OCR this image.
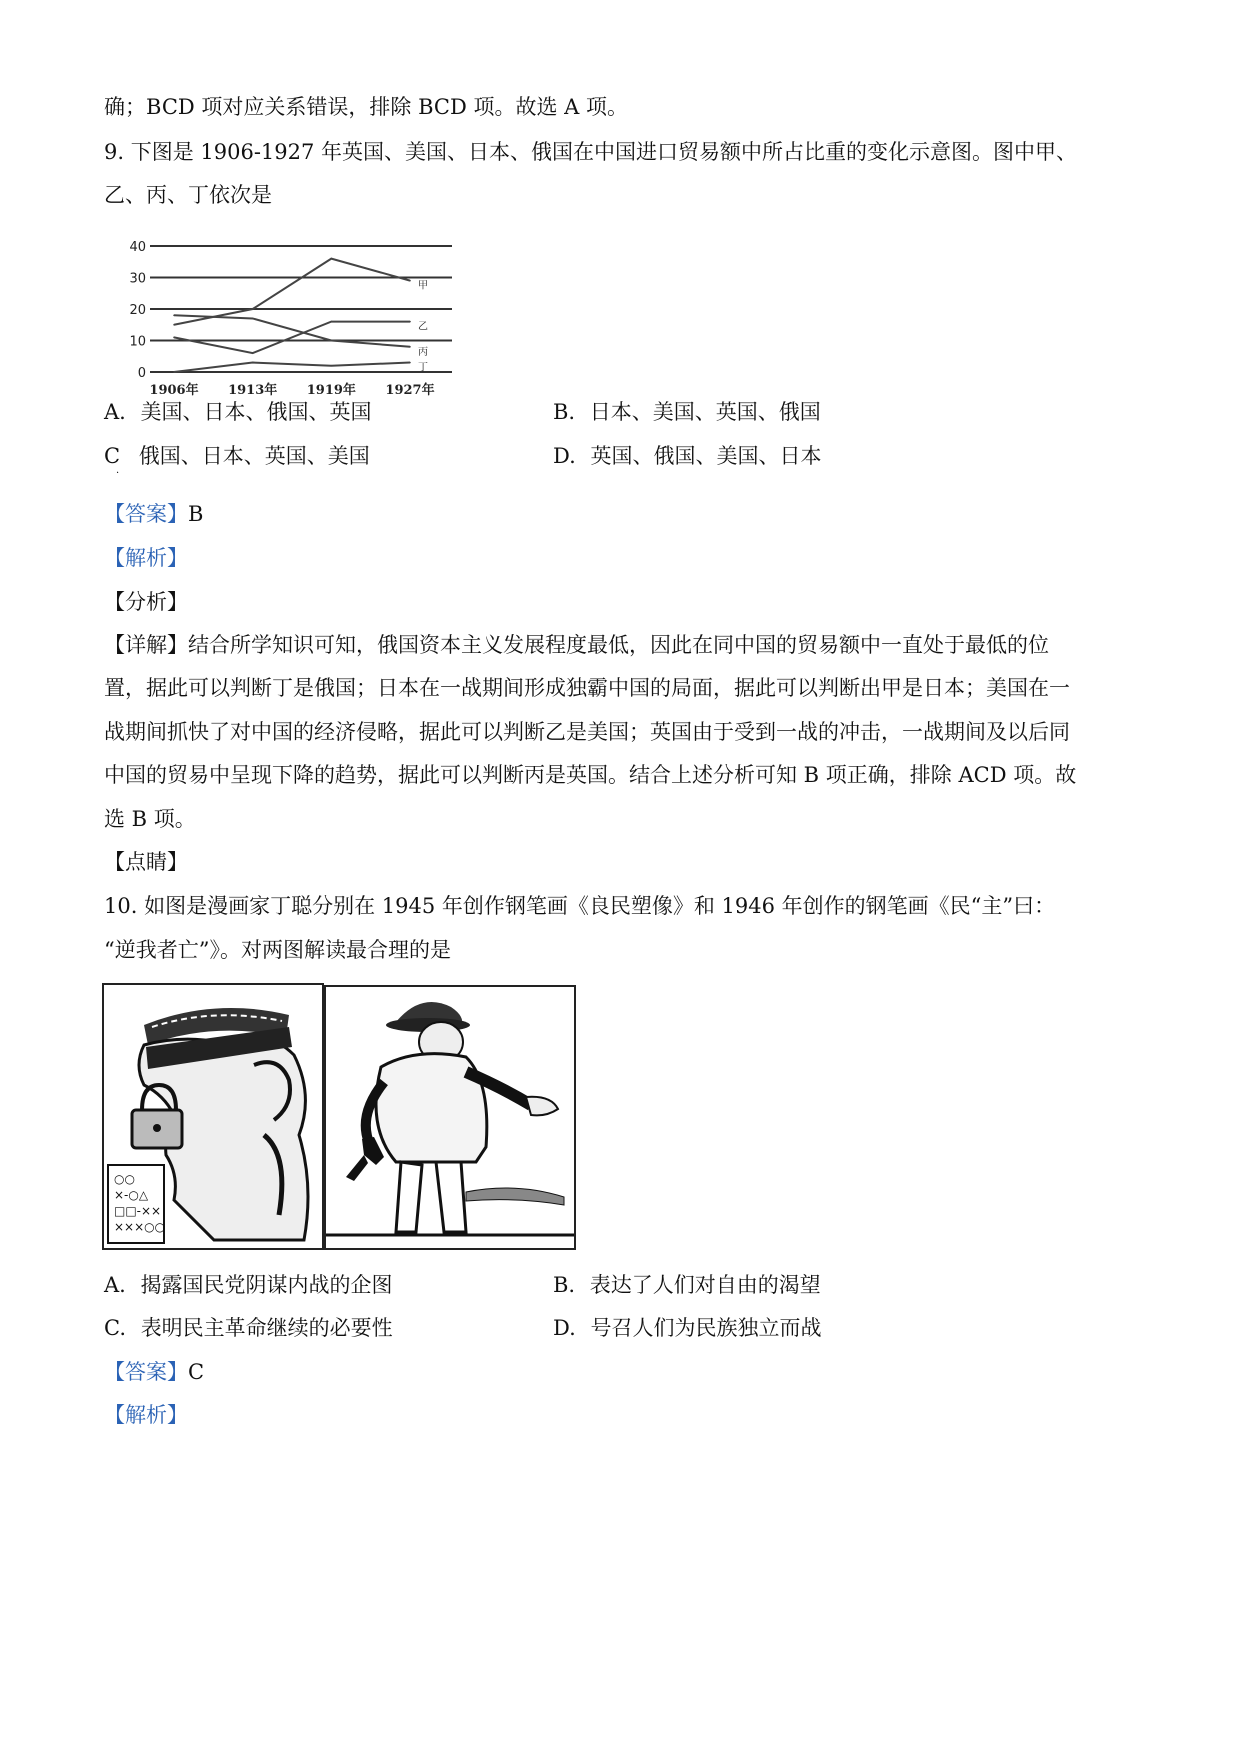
确；BCD 项对应关系错误，排除 BCD 项。故选 A 项。
9. 下图是 1906-1927 年英国、美国、日本、俄国在中国进口贸易额中所占比重的变化示意图。图中甲、
乙、丙、丁依次是
0
10
20
30
40
1906年 1913年 1919年 1927年
甲
乙
丙
丁
A. 美国、日本、俄国、英国	B. 日本、美国、英国、俄国
C 俄国、日本、英国、美国	D. 英国、俄国、美国、日本
·
【答案】B
【解析】
【分析】
【详解】结合所学知识可知，俄国资本主义发展程度最低，因此在同中国的贸易额中一直处于最低的位
置，据此可以判断丁是俄国；日本在一战期间形成独霸中国的局面，据此可以判断出甲是日本；美国在一
战期间抓快了对中国的经济侵略，据此可以判断乙是美国；英国由于受到一战的冲击，一战期间及以后同
中国的贸易中呈现下降的趋势，据此可以判断丙是英国。结合上述分析可知 B 项正确，排除 ACD 项。故
选 B 项。
【点睛】
10. 如图是漫画家丁聪分别在 1945 年创作钢笔画《良民塑像》和 1946 年创作的钢笔画《民“主”曰：
“逆我者亡”》。对两图解读最合理的是
○○
×-○△
□□-××
×××○○
A. 揭露国民党阴谋内战的企图	B. 表达了人们对自由的渴望
C. 表明民主革命继续的必要性	D. 号召人们为民族独立而战
【答案】C
【解析】
